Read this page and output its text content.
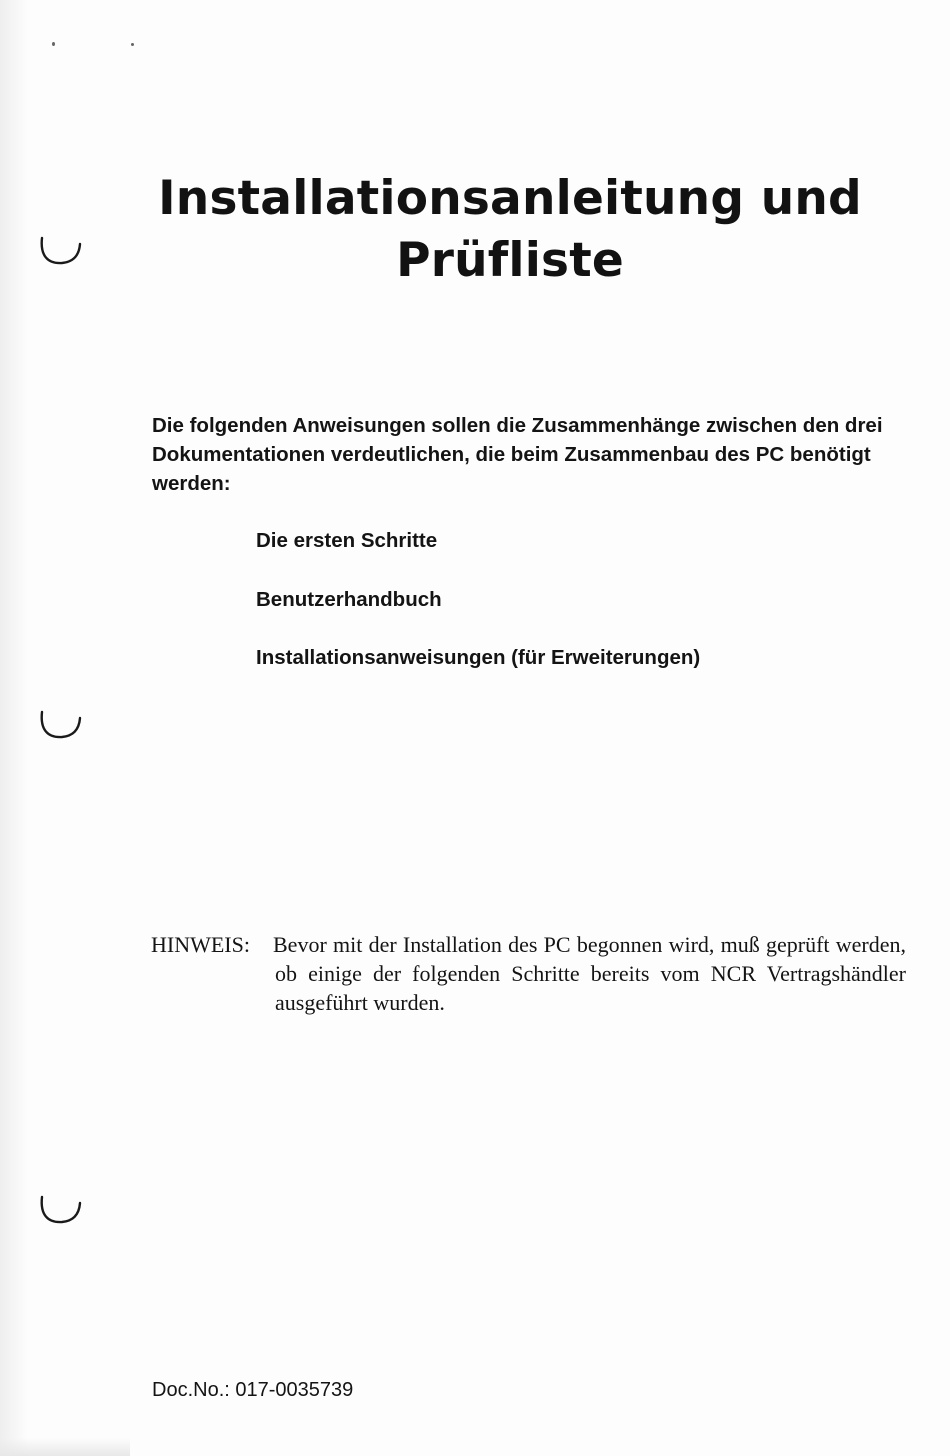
Installationsanleitung und
Prüfliste

Die folgenden Anweisungen sollen die Zusammenhänge zwischen den drei Dokumentationen verdeutlichen, die beim Zusammenbau des PC benötigt werden:

Die ersten Schritte
Benutzerhandbuch
Installationsanweisungen (für Erweiterungen)
HINWEIS: Bevor mit der Installation des PC begonnen wird, muß geprüft werden, ob einige der folgenden Schritte bereits vom NCR Vertragshändler ausgeführt wurden.

Doc.No.: 017-0035739
